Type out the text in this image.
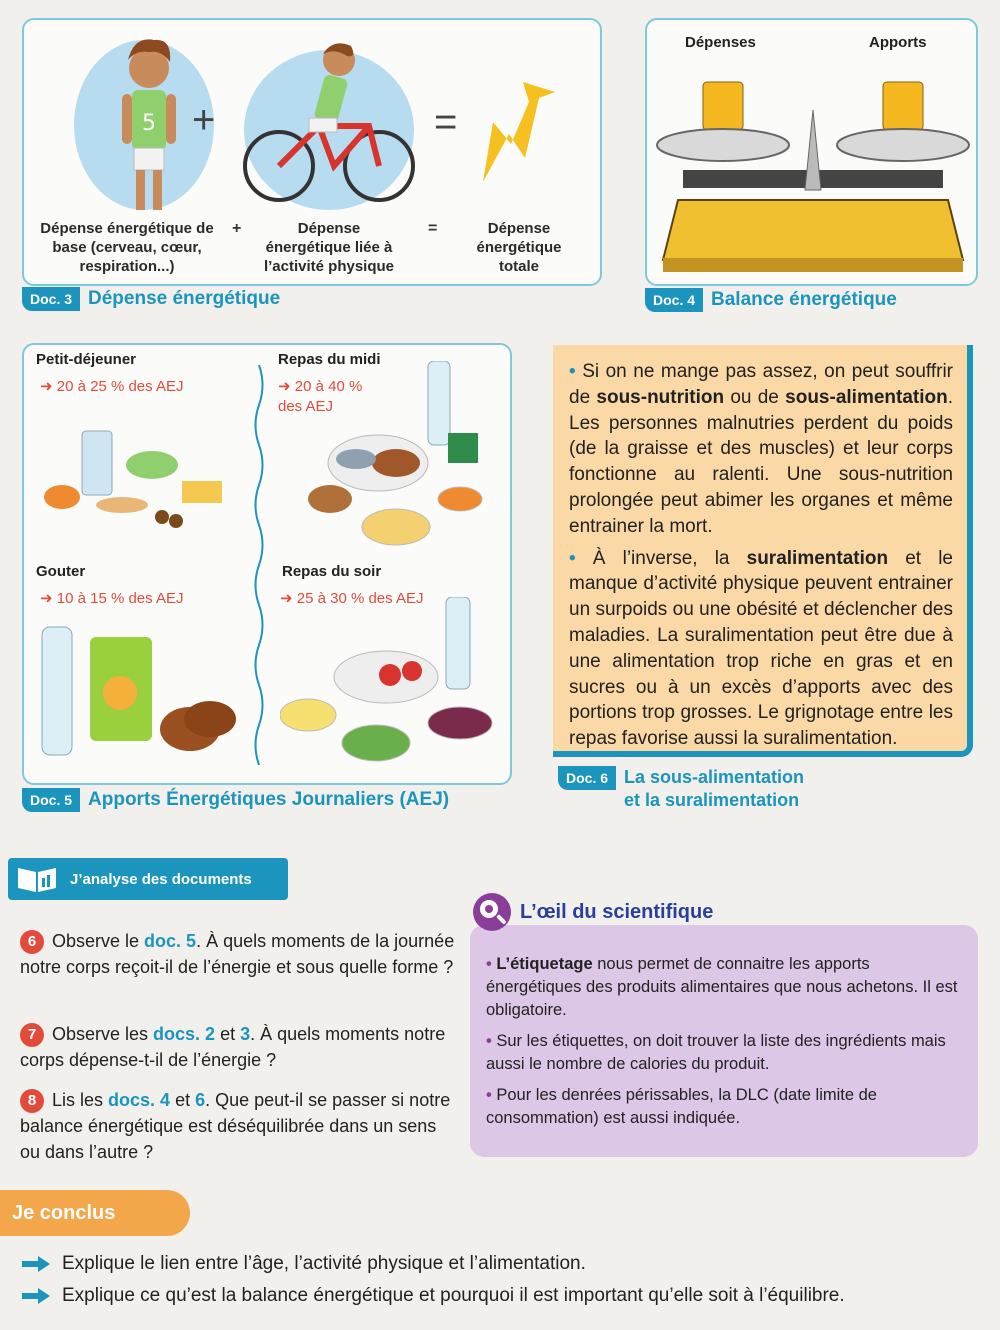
5 +	=
Dépense énergétique de base (cerveau, cœur, respiration...)
+	Dépense énergétique liée à l’activité physique
=	Dépense énergétique totale
Doc. 3 Dépense énergétique
Dépenses	Apports
Doc. 4 Balance énergétique
Petit-déjeuner
➜ 20 à 25 % des AEJ
Repas du midi
➜ 20 à 40 % des AEJ
Gouter
➜ 10 à 15 % des AEJ
Repas du soir
➜ 25 à 30 % des AEJ
Doc. 5 Apports Énergétiques Journaliers (AEJ)

• Si on ne mange pas assez, on peut souffrir de sous-nutrition ou de sous-alimentation. Les personnes malnutries perdent du poids (de la graisse et des muscles) et leur corps fonctionne au ralenti. Une sous-nutrition prolongée peut abimer les organes et même entrainer la mort.

• À l’inverse, la suralimentation et le manque d’activité physique peuvent entrainer un surpoids ou une obésité et déclencher des maladies. La suralimentation peut être due à une alimentation trop riche en gras et en sucres ou à un excès d’apports avec des portions trop grosses. Le grignotage entre les repas favorise aussi la suralimentation.

Doc. 6 La sous-alimentation
et la suralimentation
J’analyse des documents
6 Observe le doc. 5. À quels moments de la journée notre corps reçoit-il de l’énergie et sous quelle forme ?
7 Observe les docs. 2 et 3. À quels moments notre corps dépense-t-il de l’énergie ?
8 Lis les docs. 4 et 6. Que peut-il se passer si notre balance énergétique est déséquilibrée dans un sens ou dans l’autre ?

• L’étiquetage nous permet de connaitre les apports énergétiques des produits alimentaires que nous achetons. Il est obligatoire.

• Sur les étiquettes, on doit trouver la liste des ingrédients mais aussi le nombre de calories du produit.

• Pour les denrées périssables, la DLC (date limite de consommation) est aussi indiquée.

L’œil du scientifique
Je conclus
Explique le lien entre l’âge, l’activité physique et l’alimentation.
Explique ce qu’est la balance énergétique et pourquoi il est important qu’elle soit à l’équilibre.
